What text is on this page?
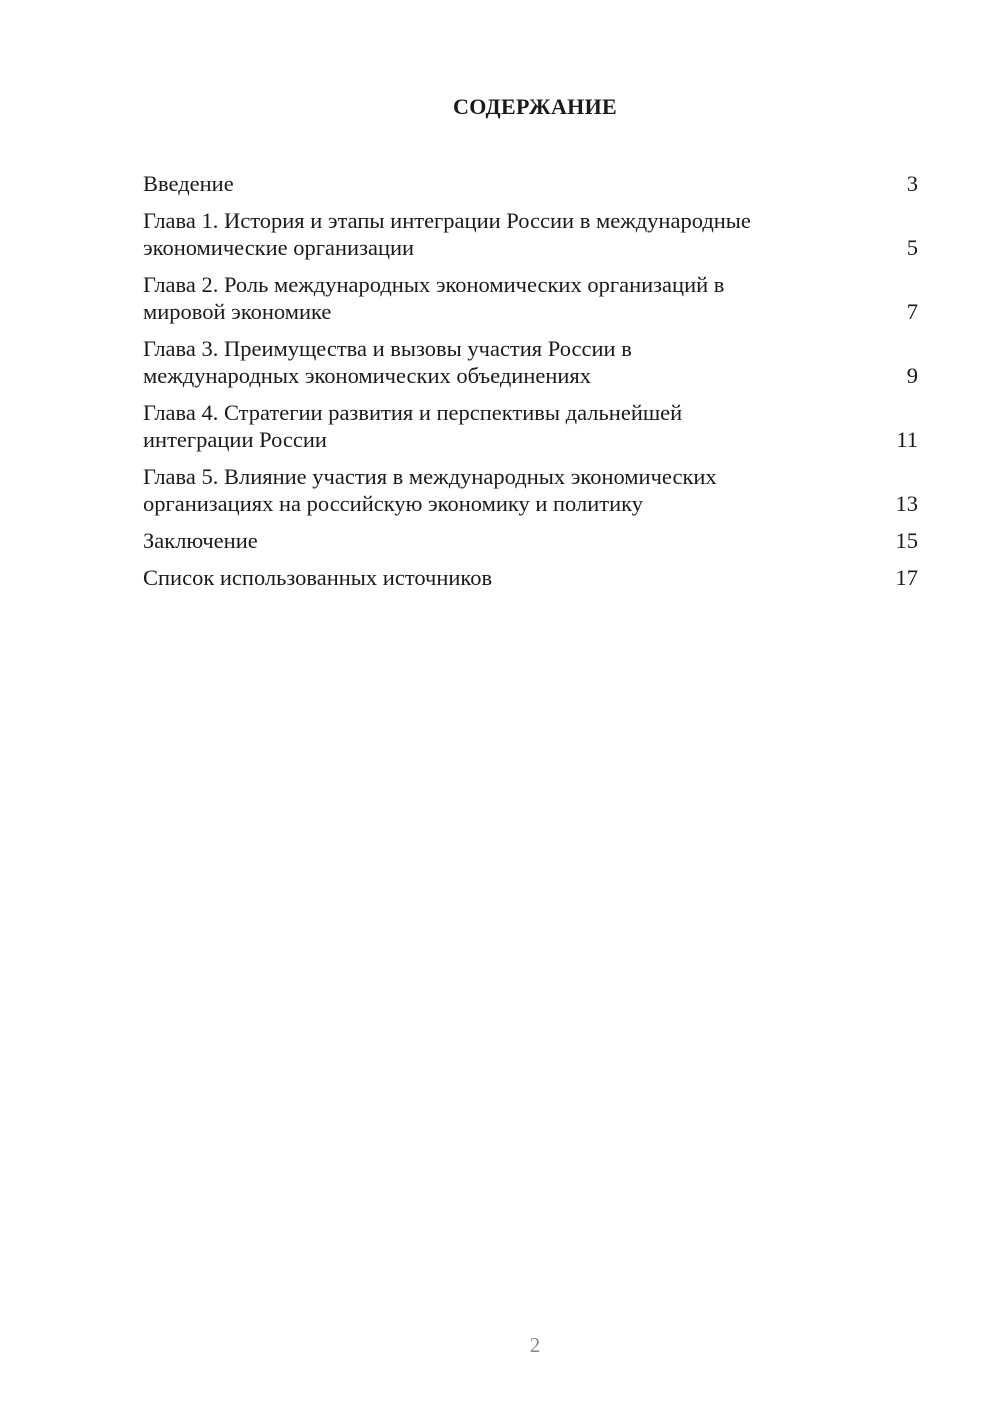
СОДЕРЖАНИЕ
Введение	3
Глава 1. История и этапы интеграции России в международные
экономические организации	5
Глава 2. Роль международных экономических организаций в
мировой экономике	7
Глава 3. Преимущества и вызовы участия России в
международных экономических объединениях	9
Глава 4. Стратегии развития и перспективы дальнейшей
интеграции России	11
Глава 5. Влияние участия в международных экономических
организациях на российскую экономику и политику	13
Заключение	15
Список использованных источников	17
2
